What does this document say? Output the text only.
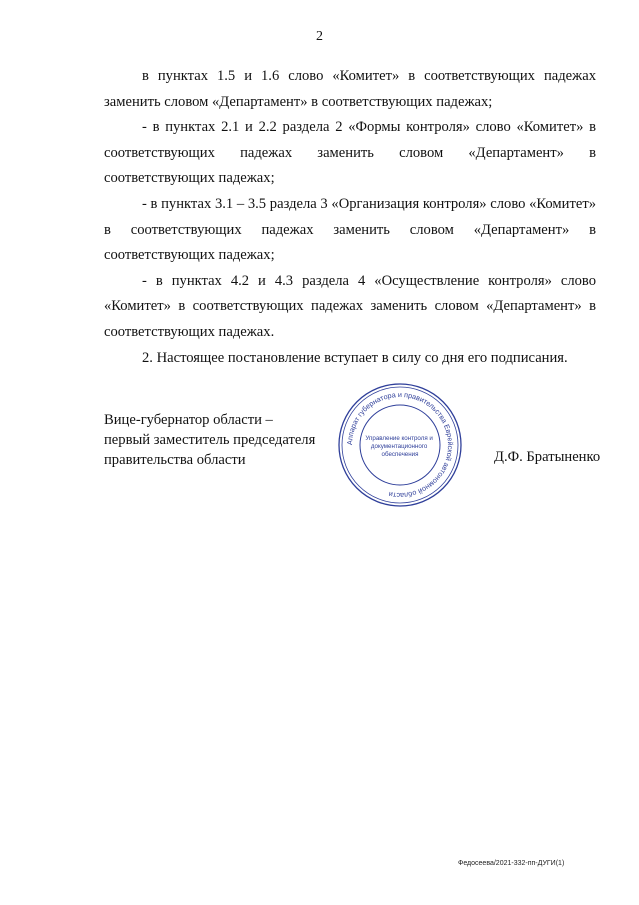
2

в пунктах 1.5 и 1.6 слово «Комитет» в соответствующих падежах заменить словом «Департамент» в соответствующих падежах;

- в пунктах 2.1 и 2.2 раздела 2 «Формы контроля» слово «Комитет» в соответствующих падежах заменить словом «Департамент» в соответствующих падежах;

- в пунктах 3.1 – 3.5 раздела 3 «Организация контроля» слово «Комитет» в соответствующих падежах заменить словом «Департамент» в соответствующих падежах;

- в пунктах 4.2 и 4.3 раздела 4 «Осуществление контроля» слово «Комитет» в соответствующих падежах заменить словом «Департамент» в соответствующих падежах.

2. Настоящее постановление вступает в силу со дня его подписания.

Вице-губернатор области –
первый заместитель председателя
правительства области	Д.Ф. Братыненко
Аппарат губернатора и правительства Еврейской автономной области
Управление контроля и документационного обеспечения
Федосеева/2021-332-пп-ДУГИ(1)
